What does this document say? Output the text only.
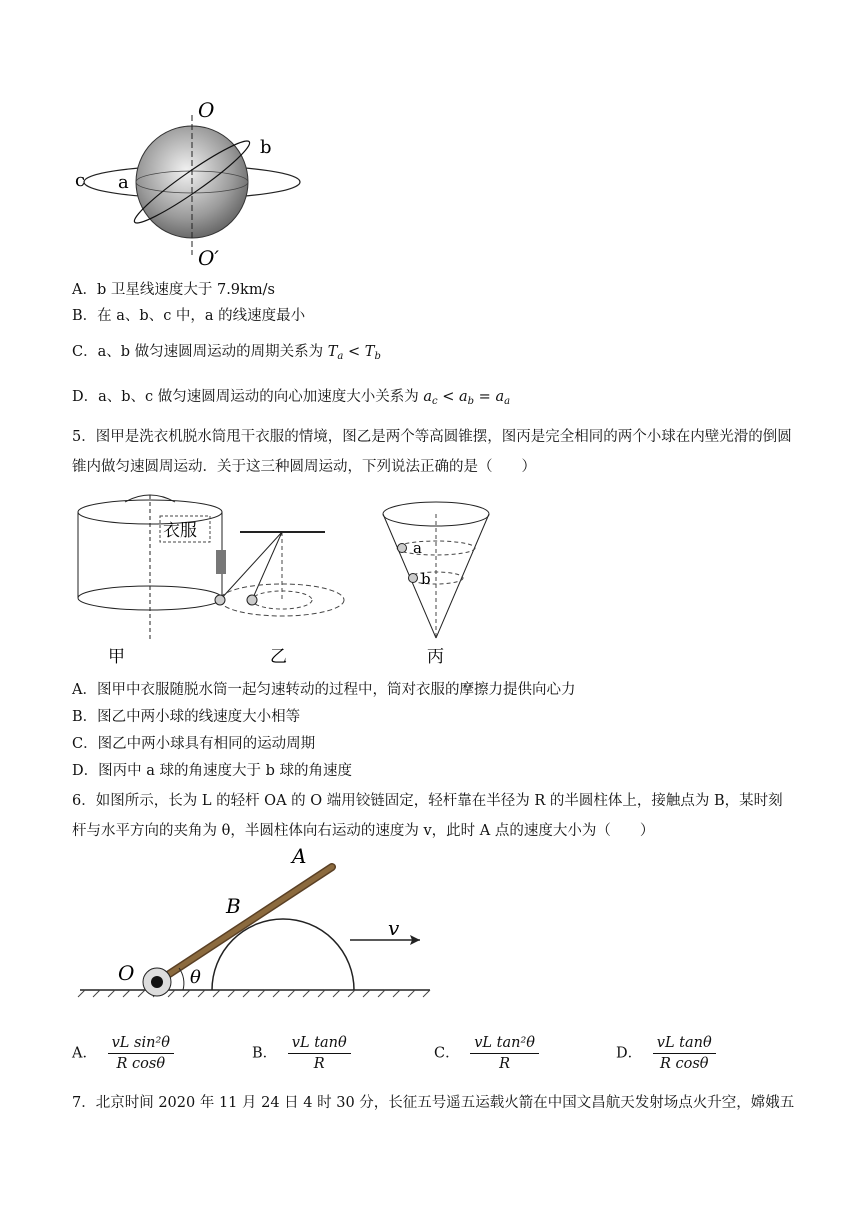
O
O′
a
b
c
A．b 卫星线速度大于 7.9km/s
B．在 a、b、c 中，a 的线速度最小
C．a、b 做匀速圆周运动的周期关系为 $T_a < T_b$
D．a、b、c 做匀速圆周运动的向心加速度大小关系为 $a_c < a_b = a_a$
5．图甲是洗衣机脱水筒甩干衣服的情境，图乙是两个等高圆锥摆，图丙是完全相同的两个小球在内壁光滑的倒圆锥内做匀速圆周运动．关于这三种圆周运动，下列说法正确的是（　　）
衣服
甲	乙
a
b
丙
A．图甲中衣服随脱水筒一起匀速转动的过程中，筒对衣服的摩擦力提供向心力
B．图乙中两小球的线速度大小相等
C．图乙中两小球具有相同的运动周期
D．图丙中 a 球的角速度大于 b 球的角速度
6．如图所示，长为 L 的轻杆 OA 的 O 端用铰链固定，轻杆靠在半径为 R 的半圆柱体上，接触点为 B，某时刻杆与水平方向的夹角为 θ，半圆柱体向右运动的速度为 v，此时 A 点的速度大小为（　　）
A
B
O	θ
v
A． $\frac{\text{vL sin²θ}}{\text{R cosθ}}$	B． $\frac{\text{vL tanθ}}{R}$	C． $\frac{\text{vL tan²θ}}{R}$	D． $\frac{\text{vL tanθ}}{\text{R cosθ}}$
7．北京时间 2020 年 11 月 24 日 4 时 30 分，长征五号遥五运载火箭在中国文昌航天发射场点火升空，嫦娥五
